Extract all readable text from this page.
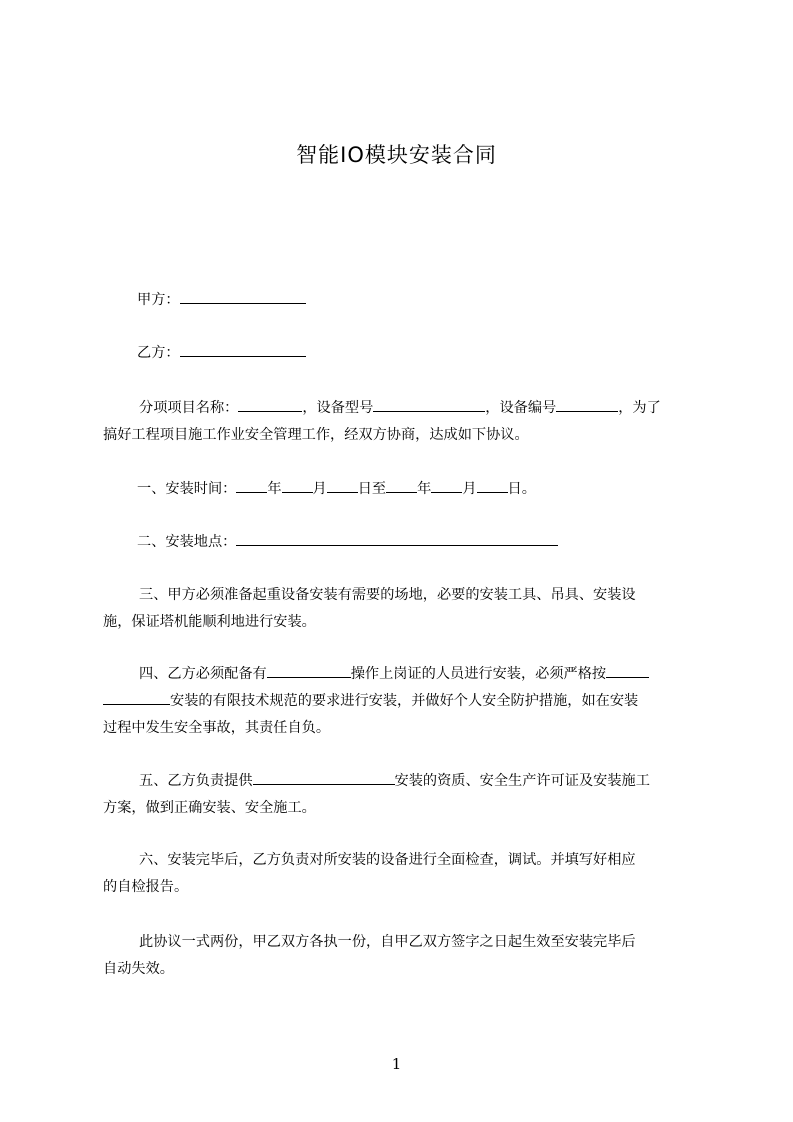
智能IO模块安装合同
甲方：
乙方：
分项项目名称：	，设备型号	，设备编号	，为了
搞好工程项目施工作业安全管理工作，经双方协商，达成如下协议。
一、安装时间： 年 月 日至 年 月 日。
二、安装地点：
三、甲方必须准备起重设备安装有需要的场地，必要的安装工具、吊具、安装设
施，保证塔机能顺利地进行安装。
四、乙方必须配备有	操作上岗证的人员进行安装，必须严格按
安装的有限技术规范的要求进行安装，并做好个人安全防护措施，如在安装
过程中发生安全事故，其责任自负。
五、乙方负责提供	安装的资质、安全生产许可证及安装施工
方案，做到正确安装、安全施工。
六、安装完毕后，乙方负责对所安装的设备进行全面检查，调试。并填写好相应
的自检报告。
此协议一式两份，甲乙双方各执一份，自甲乙双方签字之日起生效至安装完毕后
自动失效。
1
